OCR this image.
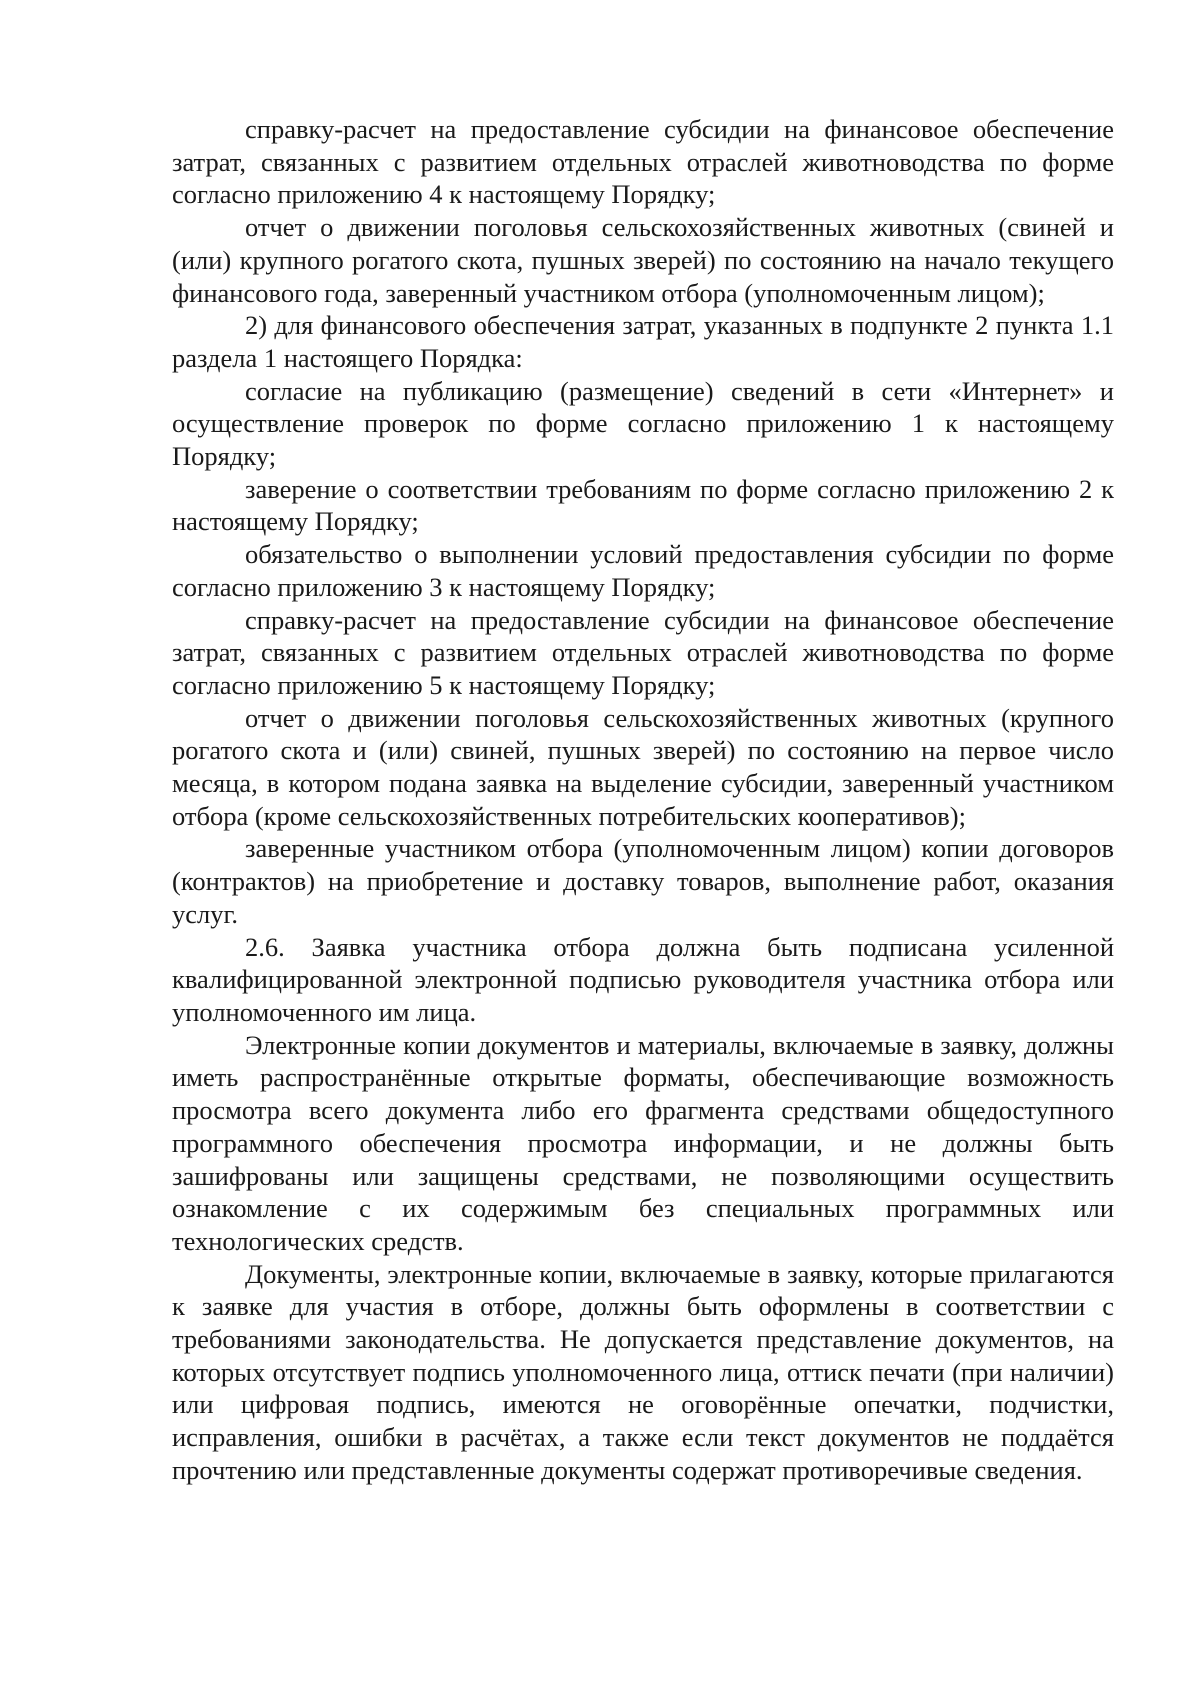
справку-расчет на предоставление субсидии на финансовое обеспечение затрат, связанных с развитием отдельных отраслей животноводства по форме согласно приложению 4 к настоящему Порядку;

отчет о движении поголовья сельскохозяйственных животных (свиней и (или) крупного рогатого скота, пушных зверей) по состоянию на начало текущего финансового года, заверенный участником отбора (уполномоченным лицом);

2) для финансового обеспечения затрат, указанных в подпункте 2 пункта 1.1 раздела 1 настоящего Порядка:

согласие на публикацию (размещение) сведений в сети «Интернет» и осуществление проверок по форме согласно приложению 1 к настоящему Порядку;

заверение о соответствии требованиям по форме согласно приложению 2 к настоящему Порядку;

обязательство о выполнении условий предоставления субсидии по форме согласно приложению 3 к настоящему Порядку;

справку-расчет на предоставление субсидии на финансовое обеспечение затрат, связанных с развитием отдельных отраслей животноводства по форме согласно приложению 5 к настоящему Порядку;

отчет о движении поголовья сельскохозяйственных животных (крупного рогатого скота и (или) свиней, пушных зверей) по состоянию на первое число месяца, в котором подана заявка на выделение субсидии, заверенный участником отбора (кроме сельскохозяйственных потребительских кооперативов);

заверенные участником отбора (уполномоченным лицом) копии договоров (контрактов) на приобретение и доставку товаров, выполнение работ, оказания услуг.

2.6. Заявка участника отбора должна быть подписана усиленной квалифицированной электронной подписью руководителя участника отбора или уполномоченного им лица.

Электронные копии документов и материалы, включаемые в заявку, должны иметь распространённые открытые форматы, обеспечивающие возможность просмотра всего документа либо его фрагмента средствами общедоступного программного обеспечения просмотра информации, и не должны быть зашифрованы или защищены средствами, не позволяющими осуществить ознакомление с их содержимым без специальных программных или технологических средств.

Документы, электронные копии, включаемые в заявку, которые прилагаются к заявке для участия в отборе, должны быть оформлены в соответствии с требованиями законодательства. Не допускается представление документов, на которых отсутствует подпись уполномоченного лица, оттиск печати (при наличии) или цифровая подпись, имеются не оговорённые опечатки, подчистки, исправления, ошибки в расчётах, а также если текст документов не поддаётся прочтению или представленные документы содержат противоречивые сведения.
